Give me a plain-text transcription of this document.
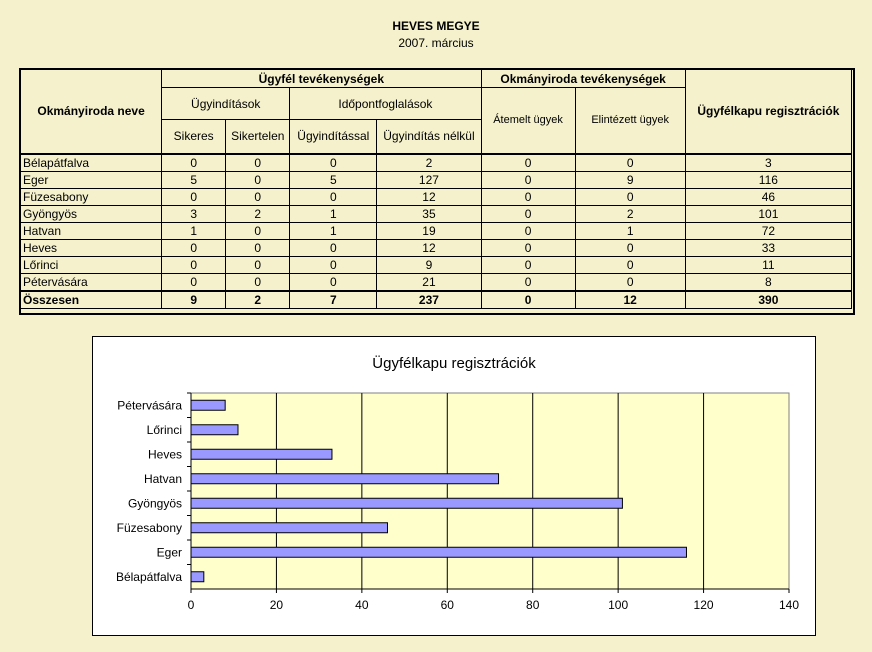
HEVES MEGYE
2007. március
Okmányiroda neve	Ügyfél tevékenységek				Okmányiroda tevékenységek		Ügyfélkapu regisztrációk
	Ügyindítások		Időpontfoglalások		Átemelt ügyek	Elintézett ügyek	
	Sikeres	Sikertelen	Ügyindítással	Ügyindítás nélkül			
Bélapátfalva	0	0	0	2	0	0	3
Eger	5	0	5	127	0	9	116
Füzesabony	0	0	0	12	0	0	46
Gyöngyös	3	2	1	35	0	2	101
Hatvan	1	0	1	19	0	1	72
Heves	0	0	0	12	0	0	33
Lőrinci	0	0	0	9	0	0	11
Pétervására	0	0	0	21	0	0	8
Összesen	9	2	7	237	0	12	390
Ügyfélkapu regisztrációk
0	20	40	60	80	100	120	140
Pétervására
Lőrinci
Heves
Hatvan
Gyöngyös
Füzesabony
Eger
Bélapátfalva
